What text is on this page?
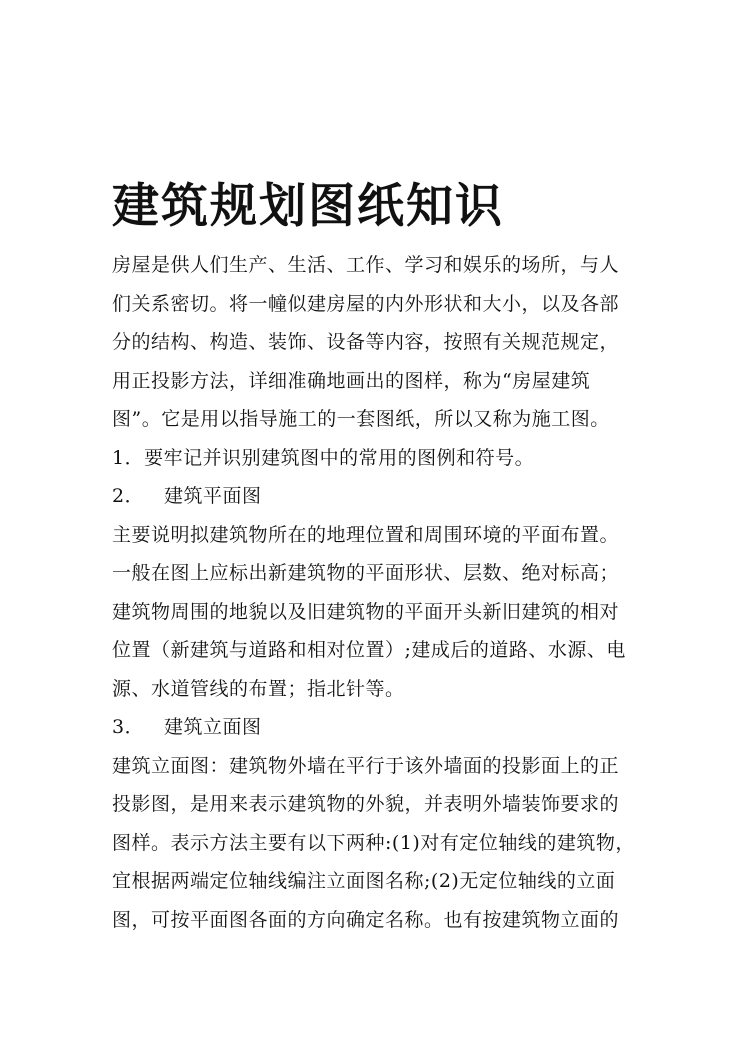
建筑规划图纸知识
房屋是供人们生产、生活、工作、学习和娱乐的场所，与人
们关系密切。将一幢似建房屋的内外形状和大小，以及各部
分的结构、构造、装饰、设备等内容，按照有关规范规定，
用正投影方法，详细准确地画出的图样，称为“房屋建筑
图”。它是用以指导施工的一套图纸，所以又称为施工图。
1．要牢记并识别建筑图中的常用的图例和符号。
2． 建筑平面图
主要说明拟建筑物所在的地理位置和周围环境的平面布置。
一般在图上应标出新建筑物的平面形状、层数、绝对标高；
建筑物周围的地貌以及旧建筑物的平面开头新旧建筑的相对
位置（新建筑与道路和相对位置）;建成后的道路、水源、电
源、水道管线的布置；指北针等。
3． 建筑立面图
建筑立面图：建筑物外墙在平行于该外墙面的投影面上的正
投影图，是用来表示建筑物的外貌，并表明外墙装饰要求的
图样。表示方法主要有以下两种:(1)对有定位轴线的建筑物，
宜根据两端定位轴线编注立面图名称;(2)无定位轴线的立面
图，可按平面图各面的方向确定名称。也有按建筑物立面的
